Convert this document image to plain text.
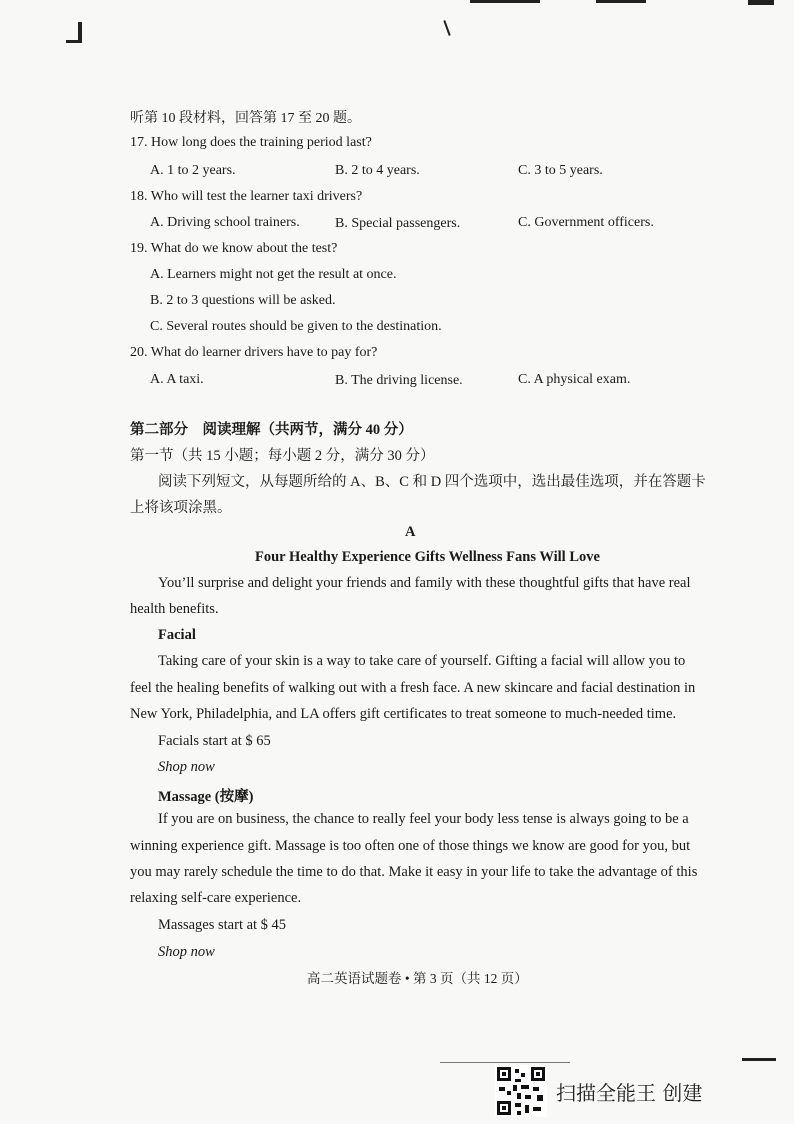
听第 10 段材料，回答第 17 至 20 题。
17. How long does the training period last?
A. 1 to 2 years.	B. 2 to 4 years.	C. 3 to 5 years.
18. Who will test the learner taxi drivers?
A. Driving school trainers.	B. Special passengers.	C. Government officers.
19. What do we know about the test?
A. Learners might not get the result at once.
B. 2 to 3 questions will be asked.
C. Several routes should be given to the destination.
20. What do learner drivers have to pay for?
A. A taxi.	B. The driving license.	C. A physical exam.
第二部分　阅读理解（共两节，满分 40 分）
第一节（共 15 小题；每小题 2 分，满分 30 分）
阅读下列短文，从每题所给的 A、B、C 和 D 四个选项中，选出最佳选项，并在答题卡
上将该项涂黑。
A
Four Healthy Experience Gifts Wellness Fans Will Love
You’ll surprise and delight your friends and family with these thoughtful gifts that have real
health benefits.
Facial
Taking care of your skin is a way to take care of yourself. Gifting a facial will allow you to
feel the healing benefits of walking out with a fresh face. A new skincare and facial destination in
New York, Philadelphia, and LA offers gift certificates to treat someone to much-needed time.
Facials start at $ 65
Shop now
Massage (按摩)
If you are on business, the chance to really feel your body less tense is always going to be a
winning experience gift. Massage is too often one of those things we know are good for you, but
you may rarely schedule the time to do that. Make it easy in your life to take the advantage of this
relaxing self-care experience.
Massages start at $ 45
Shop now
高二英语试题卷 • 第 3 页（共 12 页）
扫描全能王 创建
